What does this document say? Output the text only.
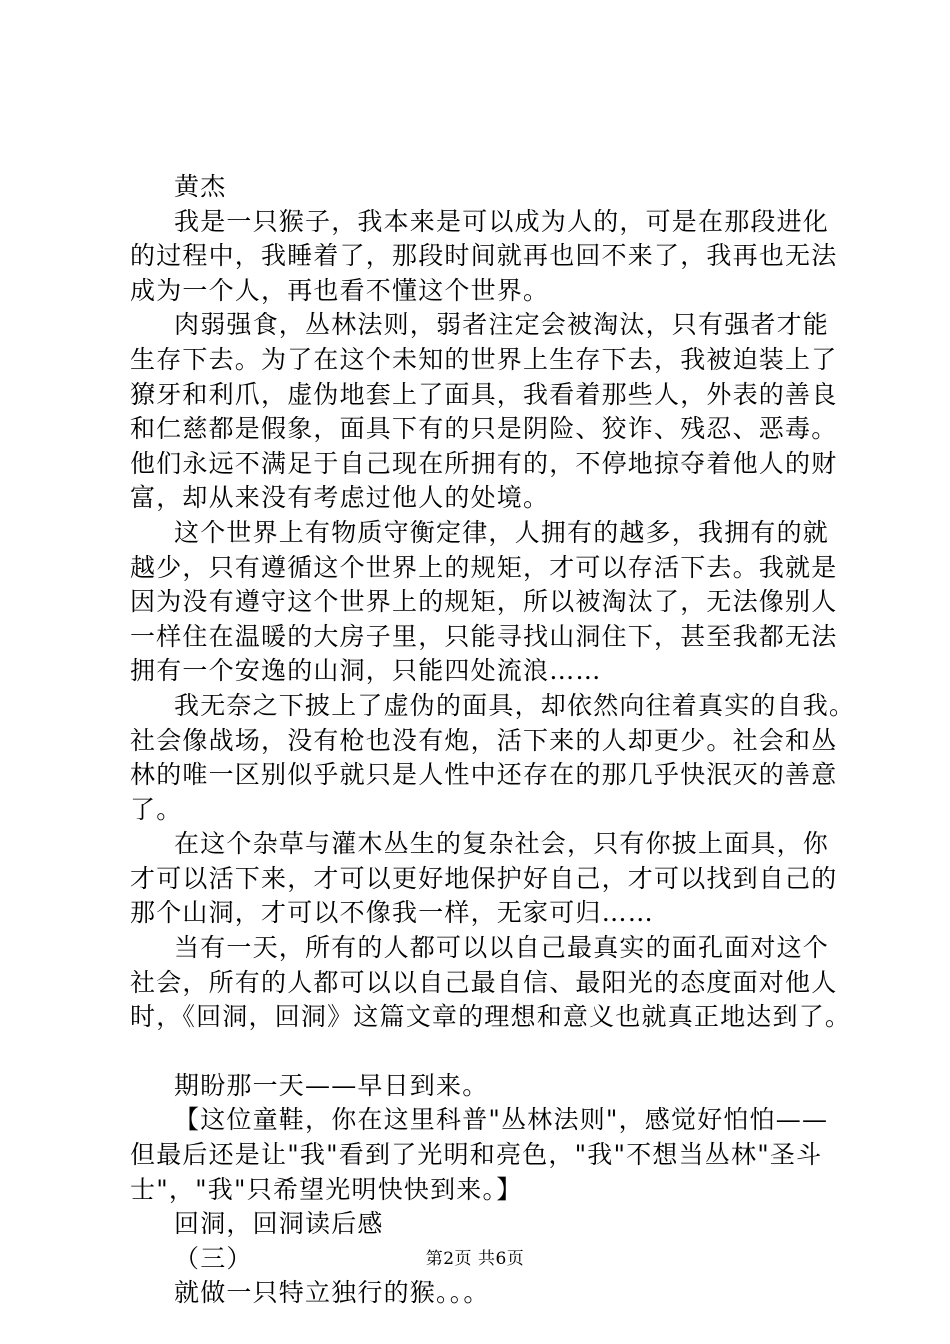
黄杰
我是一只猴子，我本来是可以成为人的，可是在那段进化
的过程中，我睡着了，那段时间就再也回不来了，我再也无法
成为一个人，再也看不懂这个世界。
肉弱强食，丛林法则，弱者注定会被淘汰，只有强者才能
生存下去。为了在这个未知的世界上生存下去，我被迫装上了
獠牙和利爪，虚伪地套上了面具，我看着那些人，外表的善良
和仁慈都是假象，面具下有的只是阴险、狡诈、残忍、恶毒。
他们永远不满足于自己现在所拥有的，不停地掠夺着他人的财
富，却从来没有考虑过他人的处境。
这个世界上有物质守衡定律，人拥有的越多，我拥有的就
越少，只有遵循这个世界上的规矩，才可以存活下去。我就是
因为没有遵守这个世界上的规矩，所以被淘汰了，无法像别人
一样住在温暖的大房子里，只能寻找山洞住下，甚至我都无法
拥有一个安逸的山洞，只能四处流浪……
我无奈之下披上了虚伪的面具，却依然向往着真实的自我。
社会像战场，没有枪也没有炮，活下来的人却更少。社会和丛
林的唯一区别似乎就只是人性中还存在的那几乎快泯灭的善意
了。
在这个杂草与灌木丛生的复杂社会，只有你披上面具，你
才可以活下来，才可以更好地保护好自己，才可以找到自己的
那个山洞，才可以不像我一样，无家可归……
当有一天，所有的人都可以以自己最真实的面孔面对这个
社会，所有的人都可以以自己最自信、最阳光的态度面对他人
时，《回洞，回洞》这篇文章的理想和意义也就真正地达到了。
期盼那一天——早日到来。
【这位童鞋，你在这里科普"丛林法则"，感觉好怕怕——
但最后还是让"我"看到了光明和亮色，"我"不想当丛林"圣斗
士"，"我"只希望光明快快到来。】
回洞，回洞读后感
（三）
就做一只特立独行的猴。。。
第2页 共6页
